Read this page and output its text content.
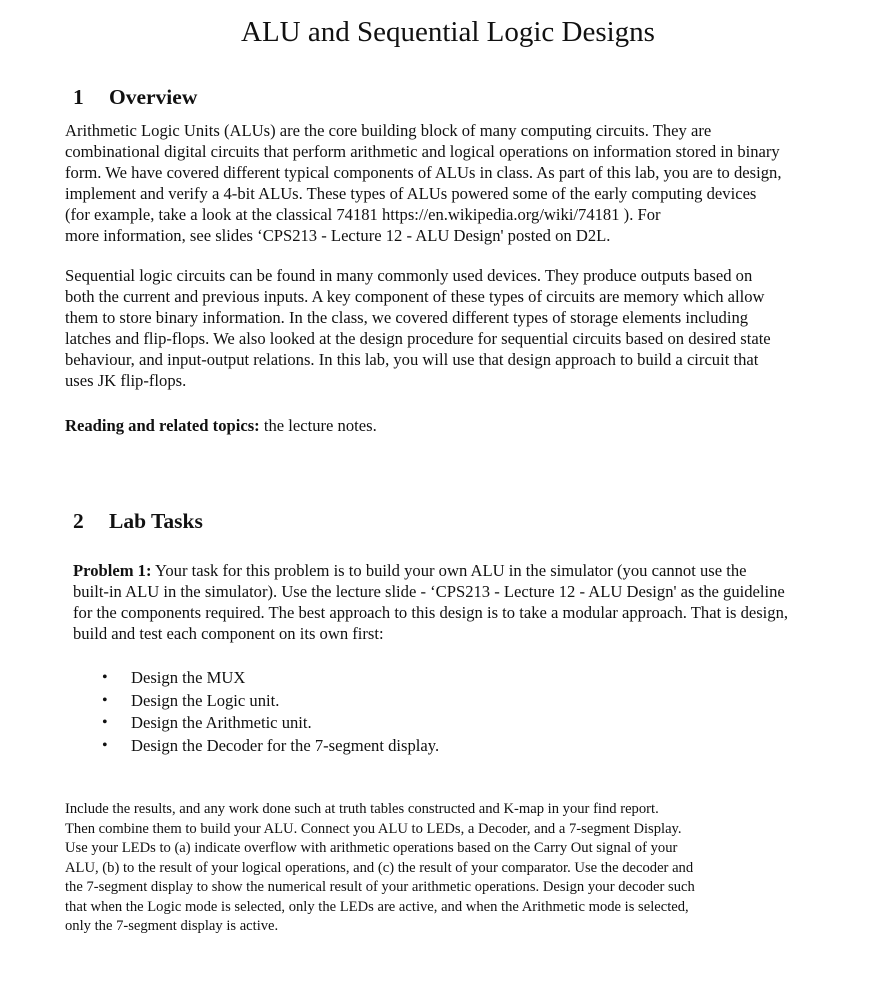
ALU and Sequential Logic Designs
1 Overview
Arithmetic Logic Units (ALUs) are the core building block of many computing circuits. They are
combinational digital circuits that perform arithmetic and logical operations on information stored in binary
form. We have covered different typical components of ALUs in class. As part of this lab, you are to design,
implement and verify a 4-bit ALUs. These types of ALUs powered some of the early computing devices
(for example, take a look at the classical 74181 https://en.wikipedia.org/wiki/74181 ). For
more information, see slides ‘CPS213 - Lecture 12 - ALU Design' posted on D2L.
Sequential logic circuits can be found in many commonly used devices. They produce outputs based on
both the current and previous inputs. A key component of these types of circuits are memory which allow
them to store binary information. In the class, we covered different types of storage elements including
latches and flip-flops. We also looked at the design procedure for sequential circuits based on desired state
behaviour, and input-output relations. In this lab, you will use that design approach to build a circuit that
uses JK flip-flops.
Reading and related topics: the lecture notes.
2 Lab Tasks
Problem 1: Your task for this problem is to build your own ALU in the simulator (you cannot use the
built-in ALU in the simulator). Use the lecture slide - ‘CPS213 - Lecture 12 - ALU Design' as the guideline
for the components required. The best approach to this design is to take a modular approach. That is design,
build and test each component on its own first:
• Design the MUX
• Design the Logic unit.
• Design the Arithmetic unit.
• Design the Decoder for the 7-segment display.
Include the results, and any work done such at truth tables constructed and K-map in your find report.
Then combine them to build your ALU. Connect you ALU to LEDs, a Decoder, and a 7-segment Display.
Use your LEDs to (a) indicate overflow with arithmetic operations based on the Carry Out signal of your
ALU, (b) to the result of your logical operations, and (c) the result of your comparator. Use the decoder and
the 7-segment display to show the numerical result of your arithmetic operations. Design your decoder such
that when the Logic mode is selected, only the LEDs are active, and when the Arithmetic mode is selected,
only the 7-segment display is active.
